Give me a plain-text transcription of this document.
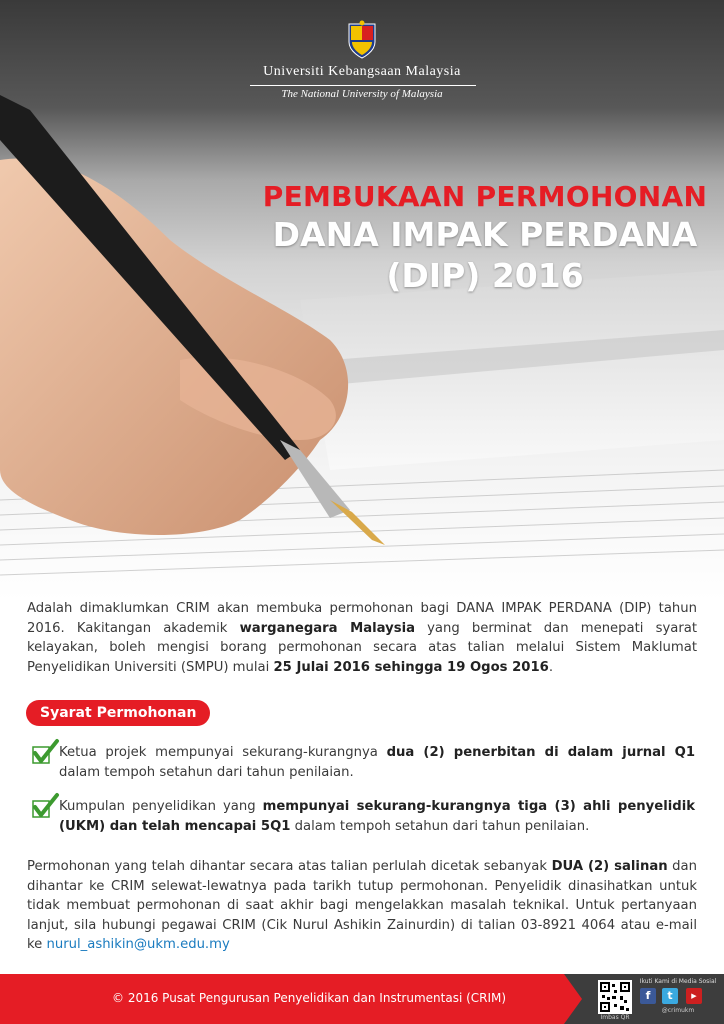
Universiti Kebangsaan Malaysia
The National University of Malaysia
PEMBUKAAN PERMOHONAN
DANA IMPAK PERDANA
(DIP) 2016
Adalah dimaklumkan CRIM akan membuka permohonan bagi DANA IMPAK PERDANA (DIP) tahun 2016. Kakitangan akademik warganegara Malaysia yang berminat dan menepati syarat kelayakan, boleh mengisi borang permohonan secara atas talian melalui Sistem Maklumat Penyelidikan Universiti (SMPU) mulai 25 Julai 2016 sehingga 19 Ogos 2016.
Syarat Permohonan
Ketua projek mempunyai sekurang-kurangnya dua (2) penerbitan di dalam jurnal Q1 dalam tempoh setahun dari tahun penilaian.
Kumpulan penyelidikan yang mempunyai sekurang-kurangnya tiga (3) ahli penyelidik (UKM) dan telah mencapai 5Q1 dalam tempoh setahun dari tahun penilaian.
Permohonan yang telah dihantar secara atas talian perlulah dicetak sebanyak DUA (2) salinan dan dihantar ke CRIM selewat-lewatnya pada tarikh tutup permohonan. Penyelidik dinasihatkan untuk tidak membuat permohonan di saat akhir bagi mengelakkan masalah teknikal. Untuk pertanyaan lanjut, sila hubungi pegawai CRIM (Cik Nurul Ashikin Zainurdin) di talian 03-8921 4064 atau e-mail ke nurul_ashikin@ukm.edu.my
© 2016 Pusat Pengurusan Penyelidikan dan Instrumentasi (CRIM)
Imbas QR
Ikuti Kami di Media Sosial
f	t	▶
@crimukm
